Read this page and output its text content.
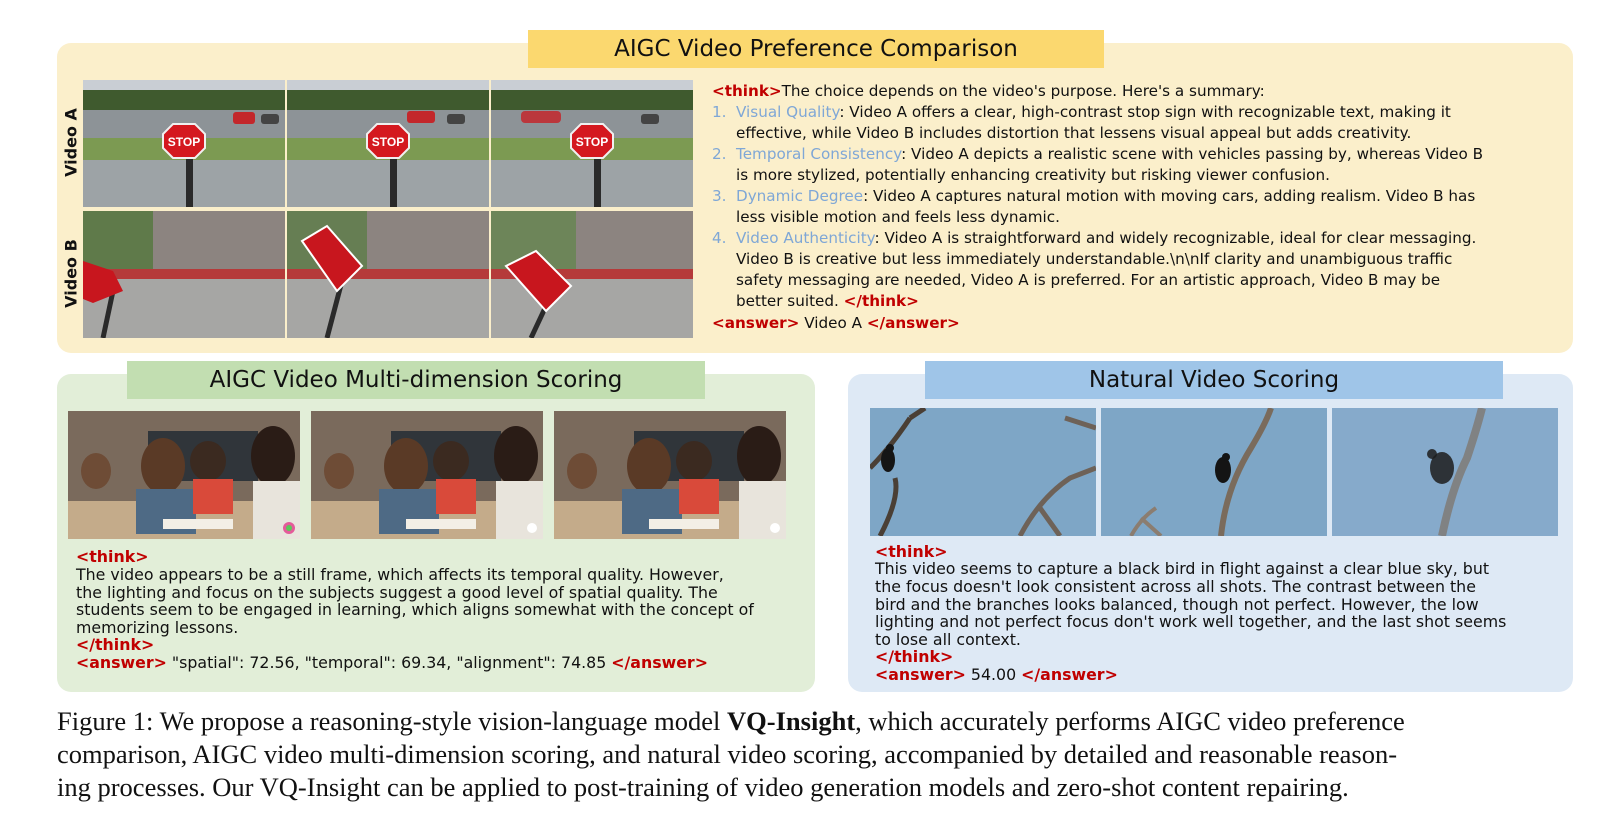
AIGC Video Preference Comparison
Video A
Video B
STOP	STOP	STOP
<think>The choice depends on the video's purpose. Here's a summary:
1. Visual Quality: Video A offers a clear, high-contrast stop sign with recognizable text, making it
effective, while Video B includes distortion that lessens visual appeal but adds creativity.
2. Temporal Consistency: Video A depicts a realistic scene with vehicles passing by, whereas Video B
is more stylized, potentially enhancing creativity but risking viewer confusion.
3. Dynamic Degree: Video A captures natural motion with moving cars, adding realism. Video B has
less visible motion and feels less dynamic.
4. Video Authenticity: Video A is straightforward and widely recognizable, ideal for clear messaging.
Video B is creative but less immediately understandable.\n\nIf clarity and unambiguous traffic
safety messaging are needed, Video A is preferred. For an artistic approach, Video B may be
better suited. </think>
<answer> Video A </answer>
AIGC Video Multi-dimension Scoring
<think>
The video appears to be a still frame, which affects its temporal quality. However,
the lighting and focus on the subjects suggest a good level of spatial quality. The
students seem to be engaged in learning, which aligns somewhat with the concept of
memorizing lessons.
</think>
<answer> "spatial": 72.56, "temporal": 69.34, "alignment": 74.85 </answer>
Natural Video Scoring
<think>
This video seems to capture a black bird in flight against a clear blue sky, but
the focus doesn't look consistent across all shots. The contrast between the
bird and the branches looks balanced, though not perfect. However, the low
lighting and not perfect focus don't work well together, and the last shot seems
to lose all context.
</think>
<answer> 54.00 </answer>
Figure 1: We propose a reasoning-style vision-language model VQ-Insight, which accurately performs AIGC video preference
comparison, AIGC video multi-dimension scoring, and natural video scoring, accompanied by detailed and reasonable reason-
ing processes. Our VQ-Insight can be applied to post-training of video generation models and zero-shot content repairing.
